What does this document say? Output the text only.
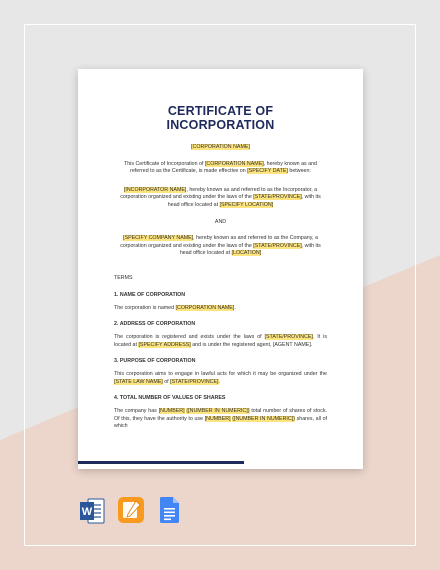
CERTIFICATE OF INCORPORATION
[CORPORATION NAME]

This Certificate of Incorporation of [CORPORATION NAME], hereby known as and referred to as the Certificate, is made effective on [SPECIFY DATE] between:

[INCORPORATOR NAME], hereby known as and referred to as the Incorporator, a corporation organized and existing under the laws of the [STATE/PROVINCE], with its head office located at [SPECIFY LOCATION]

AND

[SPECIFY COMPANY NAME], hereby known as and referred to as the Company, a corporation organized and existing under the laws of the [STATE/PROVINCE], with its head office located at [LOCATION]

TERMS

1. NAME OF CORPORATION

The corporation is named [CORPORATION NAME].

2. ADDRESS OF CORPORATION

The corporation is registered and exists under the laws of [STATE/PROVINCE]. It is located at [SPECIFY ADDRESS] and is under the registered agent, [AGENT NAME].

3. PURPOSE OF CORPORATION

This corporation aims to engage in lawful acts for which it may be organized under the [STATE LAW NAME] of [STATE/PROVINCE].

4. TOTAL NUMBER OF VALUES OF SHARES

The company has [NUMBER] ([NUMBER IN NUMERIC]) total number of shares of stock. Of this, they have the authority to use [NUMBER] ([NUMBER IN NUMERIC]) shares, all of which

W
